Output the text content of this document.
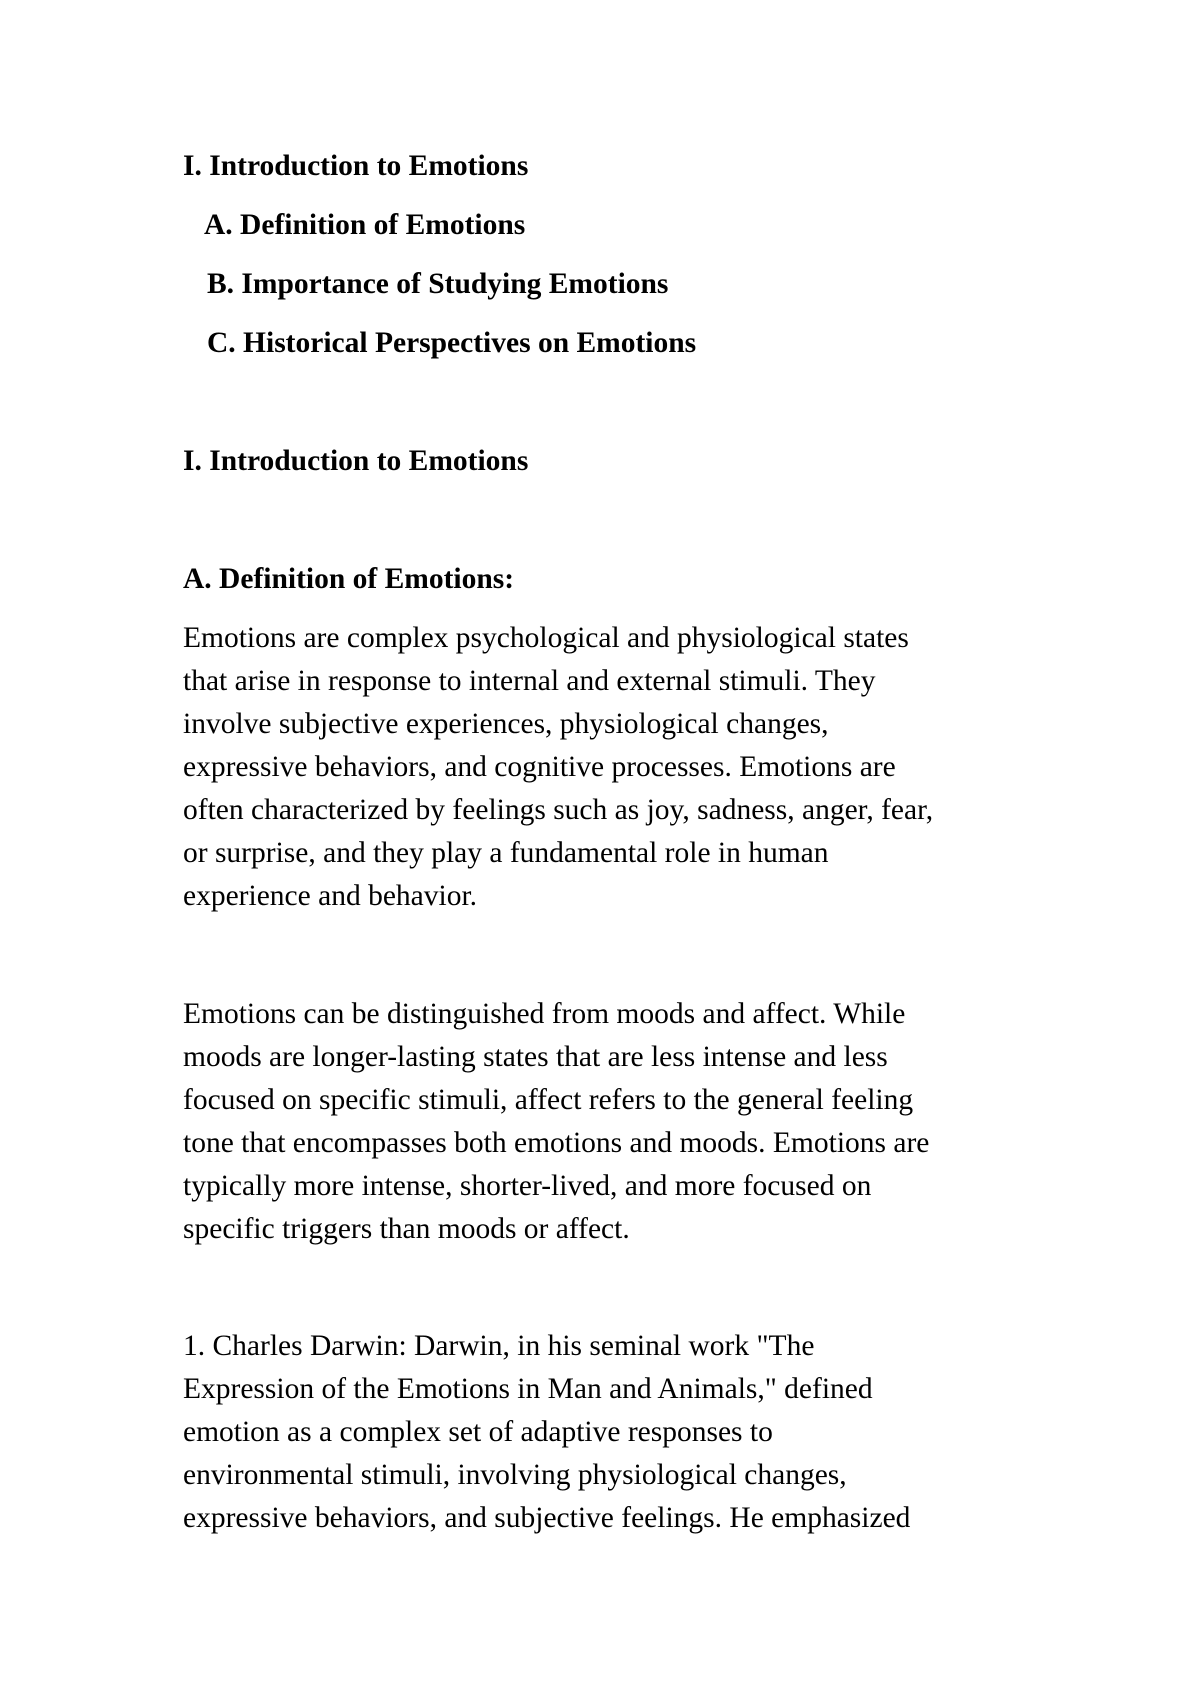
I. Introduction to Emotions
A. Definition of Emotions
B. Importance of Studying Emotions
C. Historical Perspectives on Emotions
I. Introduction to Emotions
A. Definition of Emotions:
Emotions are complex psychological and physiological states
that arise in response to internal and external stimuli. They
involve subjective experiences, physiological changes,
expressive behaviors, and cognitive processes. Emotions are
often characterized by feelings such as joy, sadness, anger, fear,
or surprise, and they play a fundamental role in human
experience and behavior.
Emotions can be distinguished from moods and affect. While
moods are longer-lasting states that are less intense and less
focused on specific stimuli, affect refers to the general feeling
tone that encompasses both emotions and moods. Emotions are
typically more intense, shorter-lived, and more focused on
specific triggers than moods or affect.
1. Charles Darwin: Darwin, in his seminal work "The
Expression of the Emotions in Man and Animals," defined
emotion as a complex set of adaptive responses to
environmental stimuli, involving physiological changes,
expressive behaviors, and subjective feelings. He emphasized
